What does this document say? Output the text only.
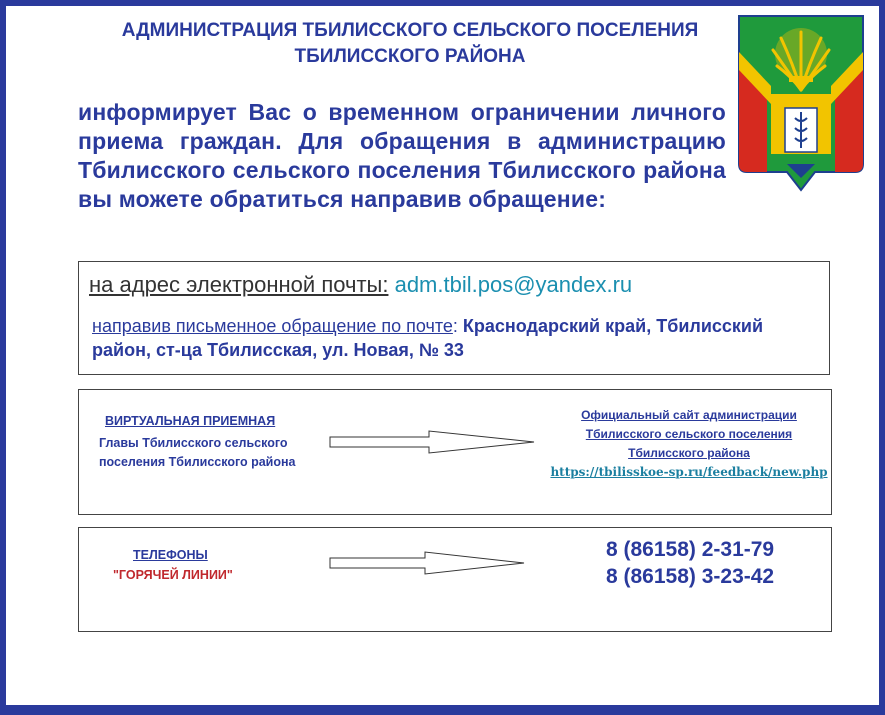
АДМИНИСТРАЦИЯ ТБИЛИССКОГО СЕЛЬСКОГО ПОСЕЛЕНИЯ
ТБИЛИССКОГО РАЙОНА
информирует Вас о временном ограничении личного приема граждан. Для обращения в администрацию Тбилисского сельского поселения Тбилисского района вы можете обратиться направив обращение:
на адрес электронной почты: adm.tbil.pos@yandex.ru
направив письменное обращение по почте: Краснодарский край, Тбилисский район, ст-ца Тбилисская, ул. Новая, № 33
ВИРТУАЛЬНАЯ ПРИЕМНАЯ
Главы Тбилисского сельского
поселения Тбилисского района
Официальный сайт администрации
Тбилисского сельского поселения
Тбилисского района
https://tbilisskoe-sp.ru/feedback/new.php
ТЕЛЕФОНЫ
"ГОРЯЧЕЙ ЛИНИИ"
8 (86158) 2-31-79
8 (86158) 3-23-42
